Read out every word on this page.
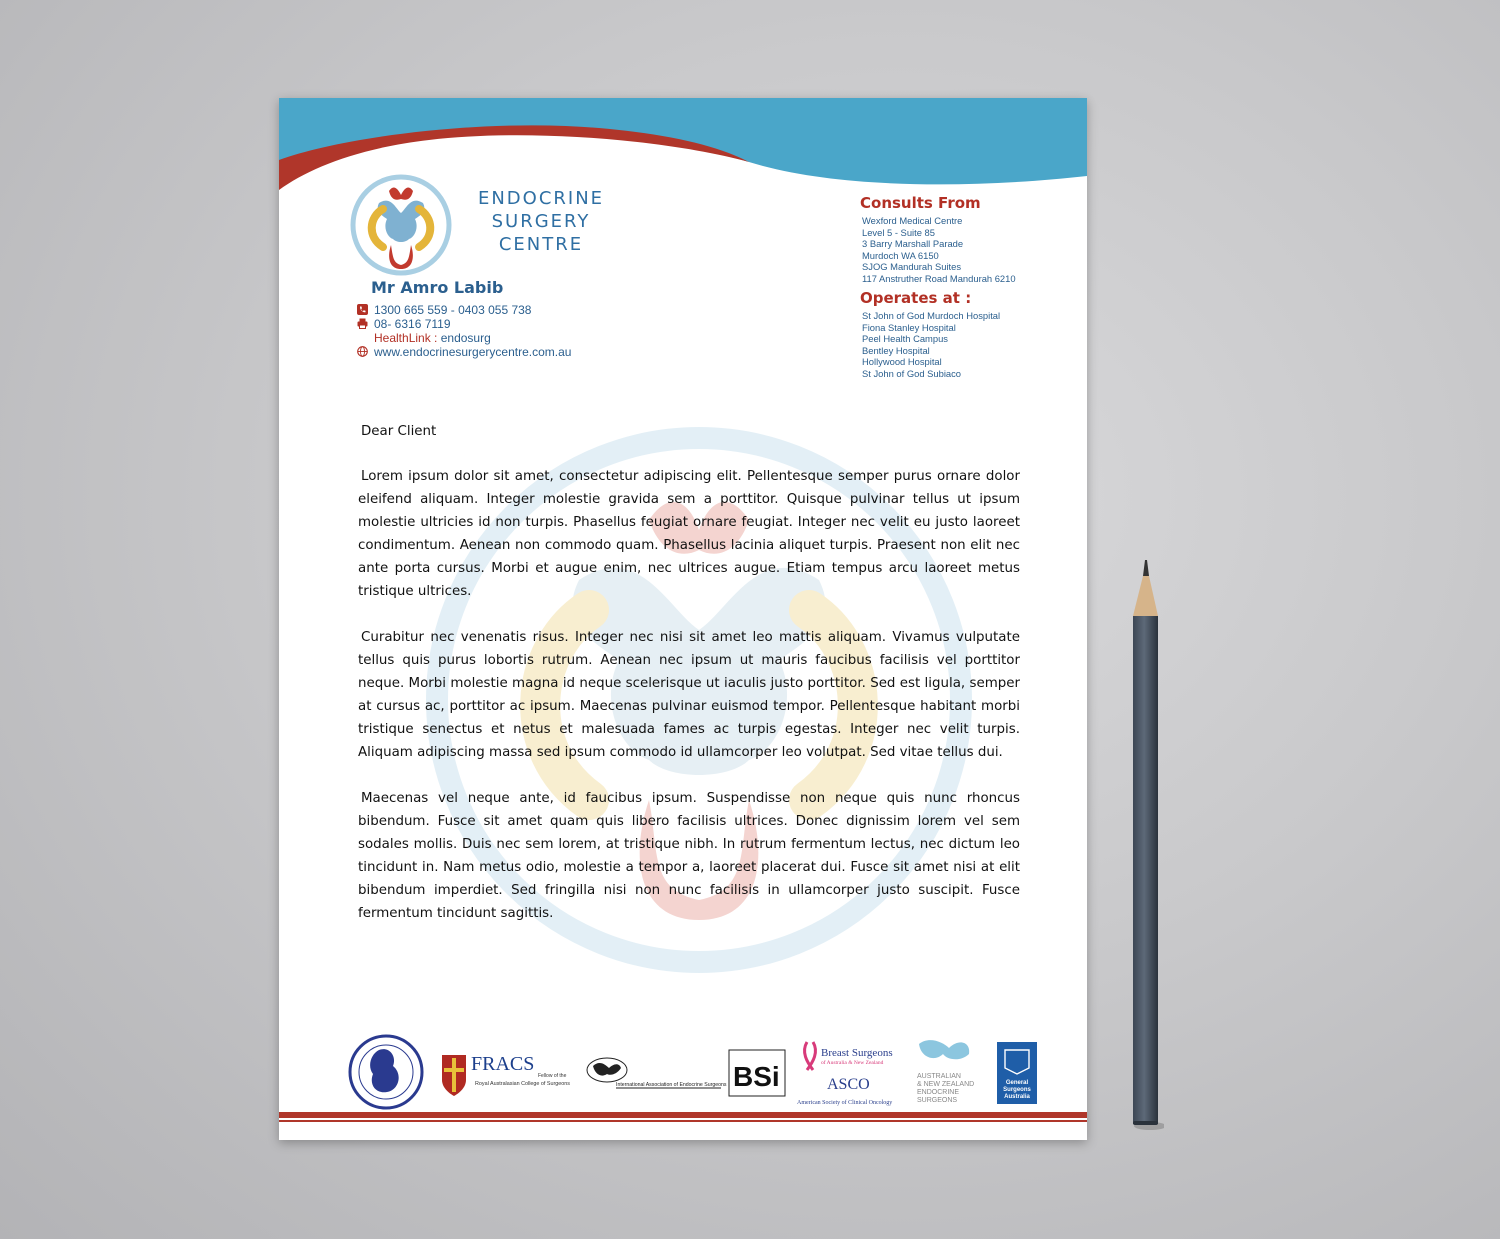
ENDOCRINE
SURGERY
CENTRE
Mr Amro Labib
1300 665 559 - 0403 055 738
08- 6316 7119
HealthLink : endosurg
www.endocrinesurgerycentre.com.au
Consults From
Wexford Medical Centre
Level 5 - Suite 85
3 Barry Marshall Parade
Murdoch WA 6150
SJOG Mandurah Suites
117 Anstruther Road Mandurah 6210
Operates at :
St John of God Murdoch Hospital
Fiona Stanley Hospital
Peel Health Campus
Bentley Hospital
Hollywood Hospital
St John of God Subiaco

Dear Client

Lorem ipsum dolor sit amet, consectetur adipiscing elit. Pellentesque semper purus ornare dolor eleifend aliquam. Integer molestie gravida sem a porttitor. Quisque pulvinar tellus ut ipsum molestie ultricies id non turpis. Phasellus feugiat ornare feugiat. Integer nec velit eu justo laoreet condimentum. Aenean non commodo quam. Phasellus lacinia aliquet turpis. Praesent non elit nec ante porta cursus. Morbi et augue enim, nec ultrices augue. Etiam tempus arcu laoreet metus tristique ultrices.

Curabitur nec venenatis risus. Integer nec nisi sit amet leo mattis aliquam. Vivamus vulputate tellus quis purus lobortis rutrum. Aenean nec ipsum ut mauris faucibus facilisis vel porttitor neque. Morbi molestie magna id neque scelerisque ut iaculis justo porttitor. Sed est ligula, semper at cursus ac, porttitor ac ipsum. Maecenas pulvinar euismod tempor. Pellentesque habitant morbi tristique senectus et netus et malesuada fames ac turpis egestas. Integer nec velit turpis. Aliquam adipiscing massa sed ipsum commodo id ullamcorper leo volutpat. Sed vitae tellus dui.

Maecenas vel neque ante, id faucibus ipsum. Suspendisse non neque quis nunc rhoncus bibendum. Fusce sit amet quam quis libero facilisis ultrices. Donec dignissim lorem vel sem sodales mollis. Duis nec sem lorem, at tristique nibh. In rutrum fermentum lectus, nec dictum leo tincidunt in. Nam metus odio, molestie a tempor a, laoreet placerat dui. Fusce sit amet nisi at elit bibendum imperdiet. Sed fringilla nisi non nunc facilisis in ullamcorper justo suscipit. Fusce fermentum tincidunt sagittis.

FRACS
Fellow of the
Royal Australasian College of Surgeons	International Association of Endocrine Surgeons BSi
Breast Surgeons
of Australia & New Zealand
ASCO
American Society of Clinical Oncology
AUSTRALIAN
& NEW ZEALAND
ENDOCRINE
SURGEONS
General
Surgeons
Australia
